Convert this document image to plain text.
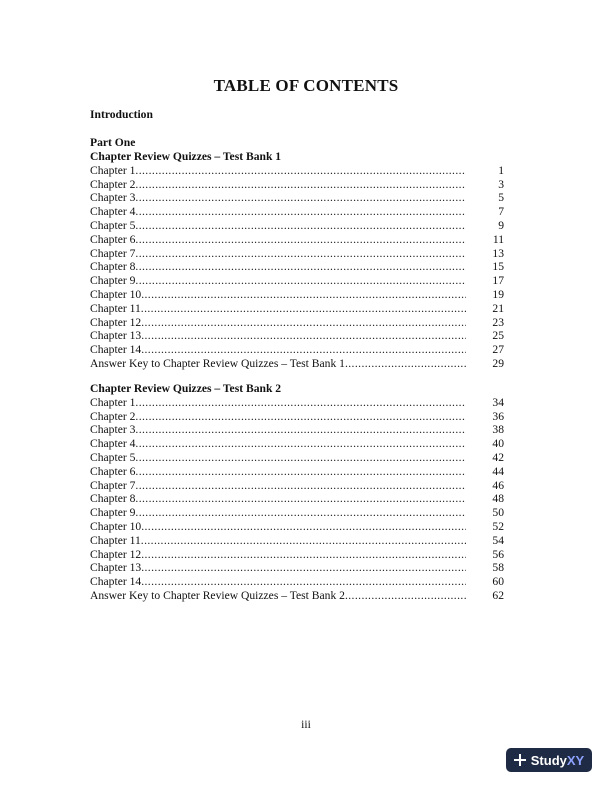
TABLE OF CONTENTS
Introduction
Part One
Chapter Review Quizzes – Test Bank 1
Chapter 1 .....	1
Chapter 2 .....	3
Chapter 3 .....	5
Chapter 4 .....	7
Chapter 5 .....	9
Chapter 6 .....	11
Chapter 7 .....	13
Chapter 8 .....	15
Chapter 9 .....	17
Chapter 10 .....	19
Chapter 11 .....	21
Chapter 12 .....	23
Chapter 13 .....	25
Chapter 14 .....	27
Answer Key to Chapter Review Quizzes – Test Bank 1 .....	29
Chapter Review Quizzes – Test Bank 2
Chapter 1 .....	34
Chapter 2 .....	36
Chapter 3 .....	38
Chapter 4 .....	40
Chapter 5 .....	42
Chapter 6 .....	44
Chapter 7 .....	46
Chapter 8 .....	48
Chapter 9 .....	50
Chapter 10 .....	52
Chapter 11 .....	54
Chapter 12 .....	56
Chapter 13 .....	58
Chapter 14 .....	60
Answer Key to Chapter Review Quizzes – Test Bank 2 .....	62
iii
StudyXY
